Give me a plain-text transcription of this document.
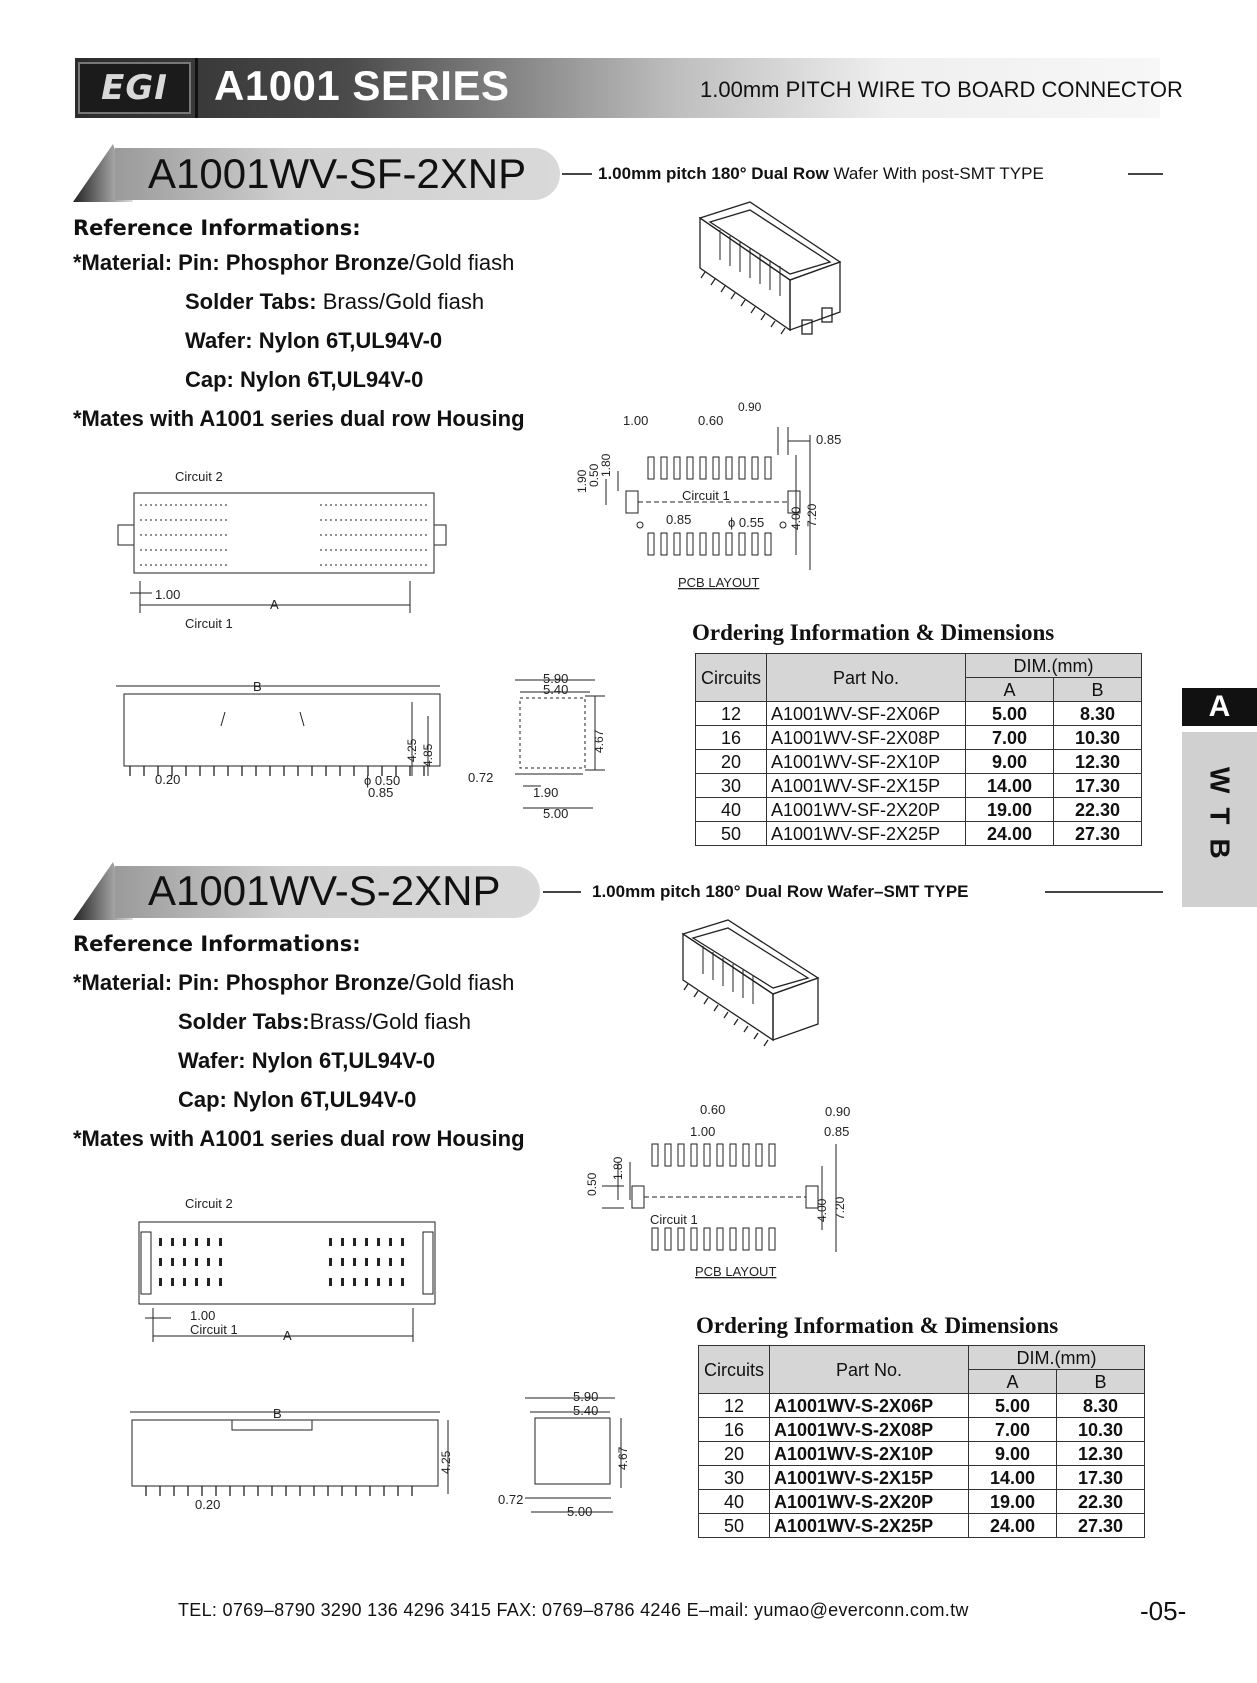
EGI	A1001 SERIES	1.00mm PITCH WIRE TO BOARD CONNECTOR
A
WTB
A1001WV-SF-2XNP	1.00mm pitch 180° Dual Row Wafer With post-SMT TYPE
Reference Informations:
*Material: Pin: Phosphor Bronze/Gold fiash
Solder Tabs: Brass/Gold fiash
Wafer: Nylon 6T,UL94V-0
Cap: Nylon 6T,UL94V-0
*Mates with A1001 series dual row Housing	1.00	0.60
0.90
0.85
1.90
0.50
1.80
Circuit 1
0.85	ϕ 0.55 4.00 7.20
PCB LAYOUT
Circuit 2
1.00
A
Circuit 1
B
0.20	ϕ 0.50
0.85
4.25 4.85
5.90
5.40
4.67
0.72
1.90
5.00
Ordering Information & Dimensions
Circuits	Part No.	DIM.(mm)	
		A	B
12	A1001WV-SF-2X06P	5.00	8.30
16	A1001WV-SF-2X08P	7.00	10.30
20	A1001WV-SF-2X10P	9.00	12.30
30	A1001WV-SF-2X15P	14.00	17.30
40	A1001WV-SF-2X20P	19.00	22.30
50	A1001WV-SF-2X25P	24.00	27.30
A1001WV-S-2XNP	1.00mm pitch 180° Dual Row Wafer–SMT TYPE
Reference Informations:
*Material: Pin: Phosphor Bronze/Gold fiash
Solder Tabs:Brass/Gold fiash
Wafer: Nylon 6T,UL94V-0
Cap: Nylon 6T,UL94V-0
*Mates with A1001 series dual row Housing
0.60	0.90
1.00	0.85
0.50
1.80
Circuit 1	4.00 7.20
PCB LAYOUT
Circuit 2
1.00
Circuit 1	A
B
0.20
4.25
5.90
5.40
4.67
0.72
5.00
Ordering Information & Dimensions
Circuits	Part No.	DIM.(mm)	
		A	B
12	A1001WV-S-2X06P	5.00	8.30
16	A1001WV-S-2X08P	7.00	10.30
20	A1001WV-S-2X10P	9.00	12.30
30	A1001WV-S-2X15P	14.00	17.30
40	A1001WV-S-2X20P	19.00	22.30
50	A1001WV-S-2X25P	24.00	27.30
TEL: 0769–8790 3290 136 4296 3415 FAX: 0769–8786 4246 E–mail: yumao@everconn.com.tw	-05-
